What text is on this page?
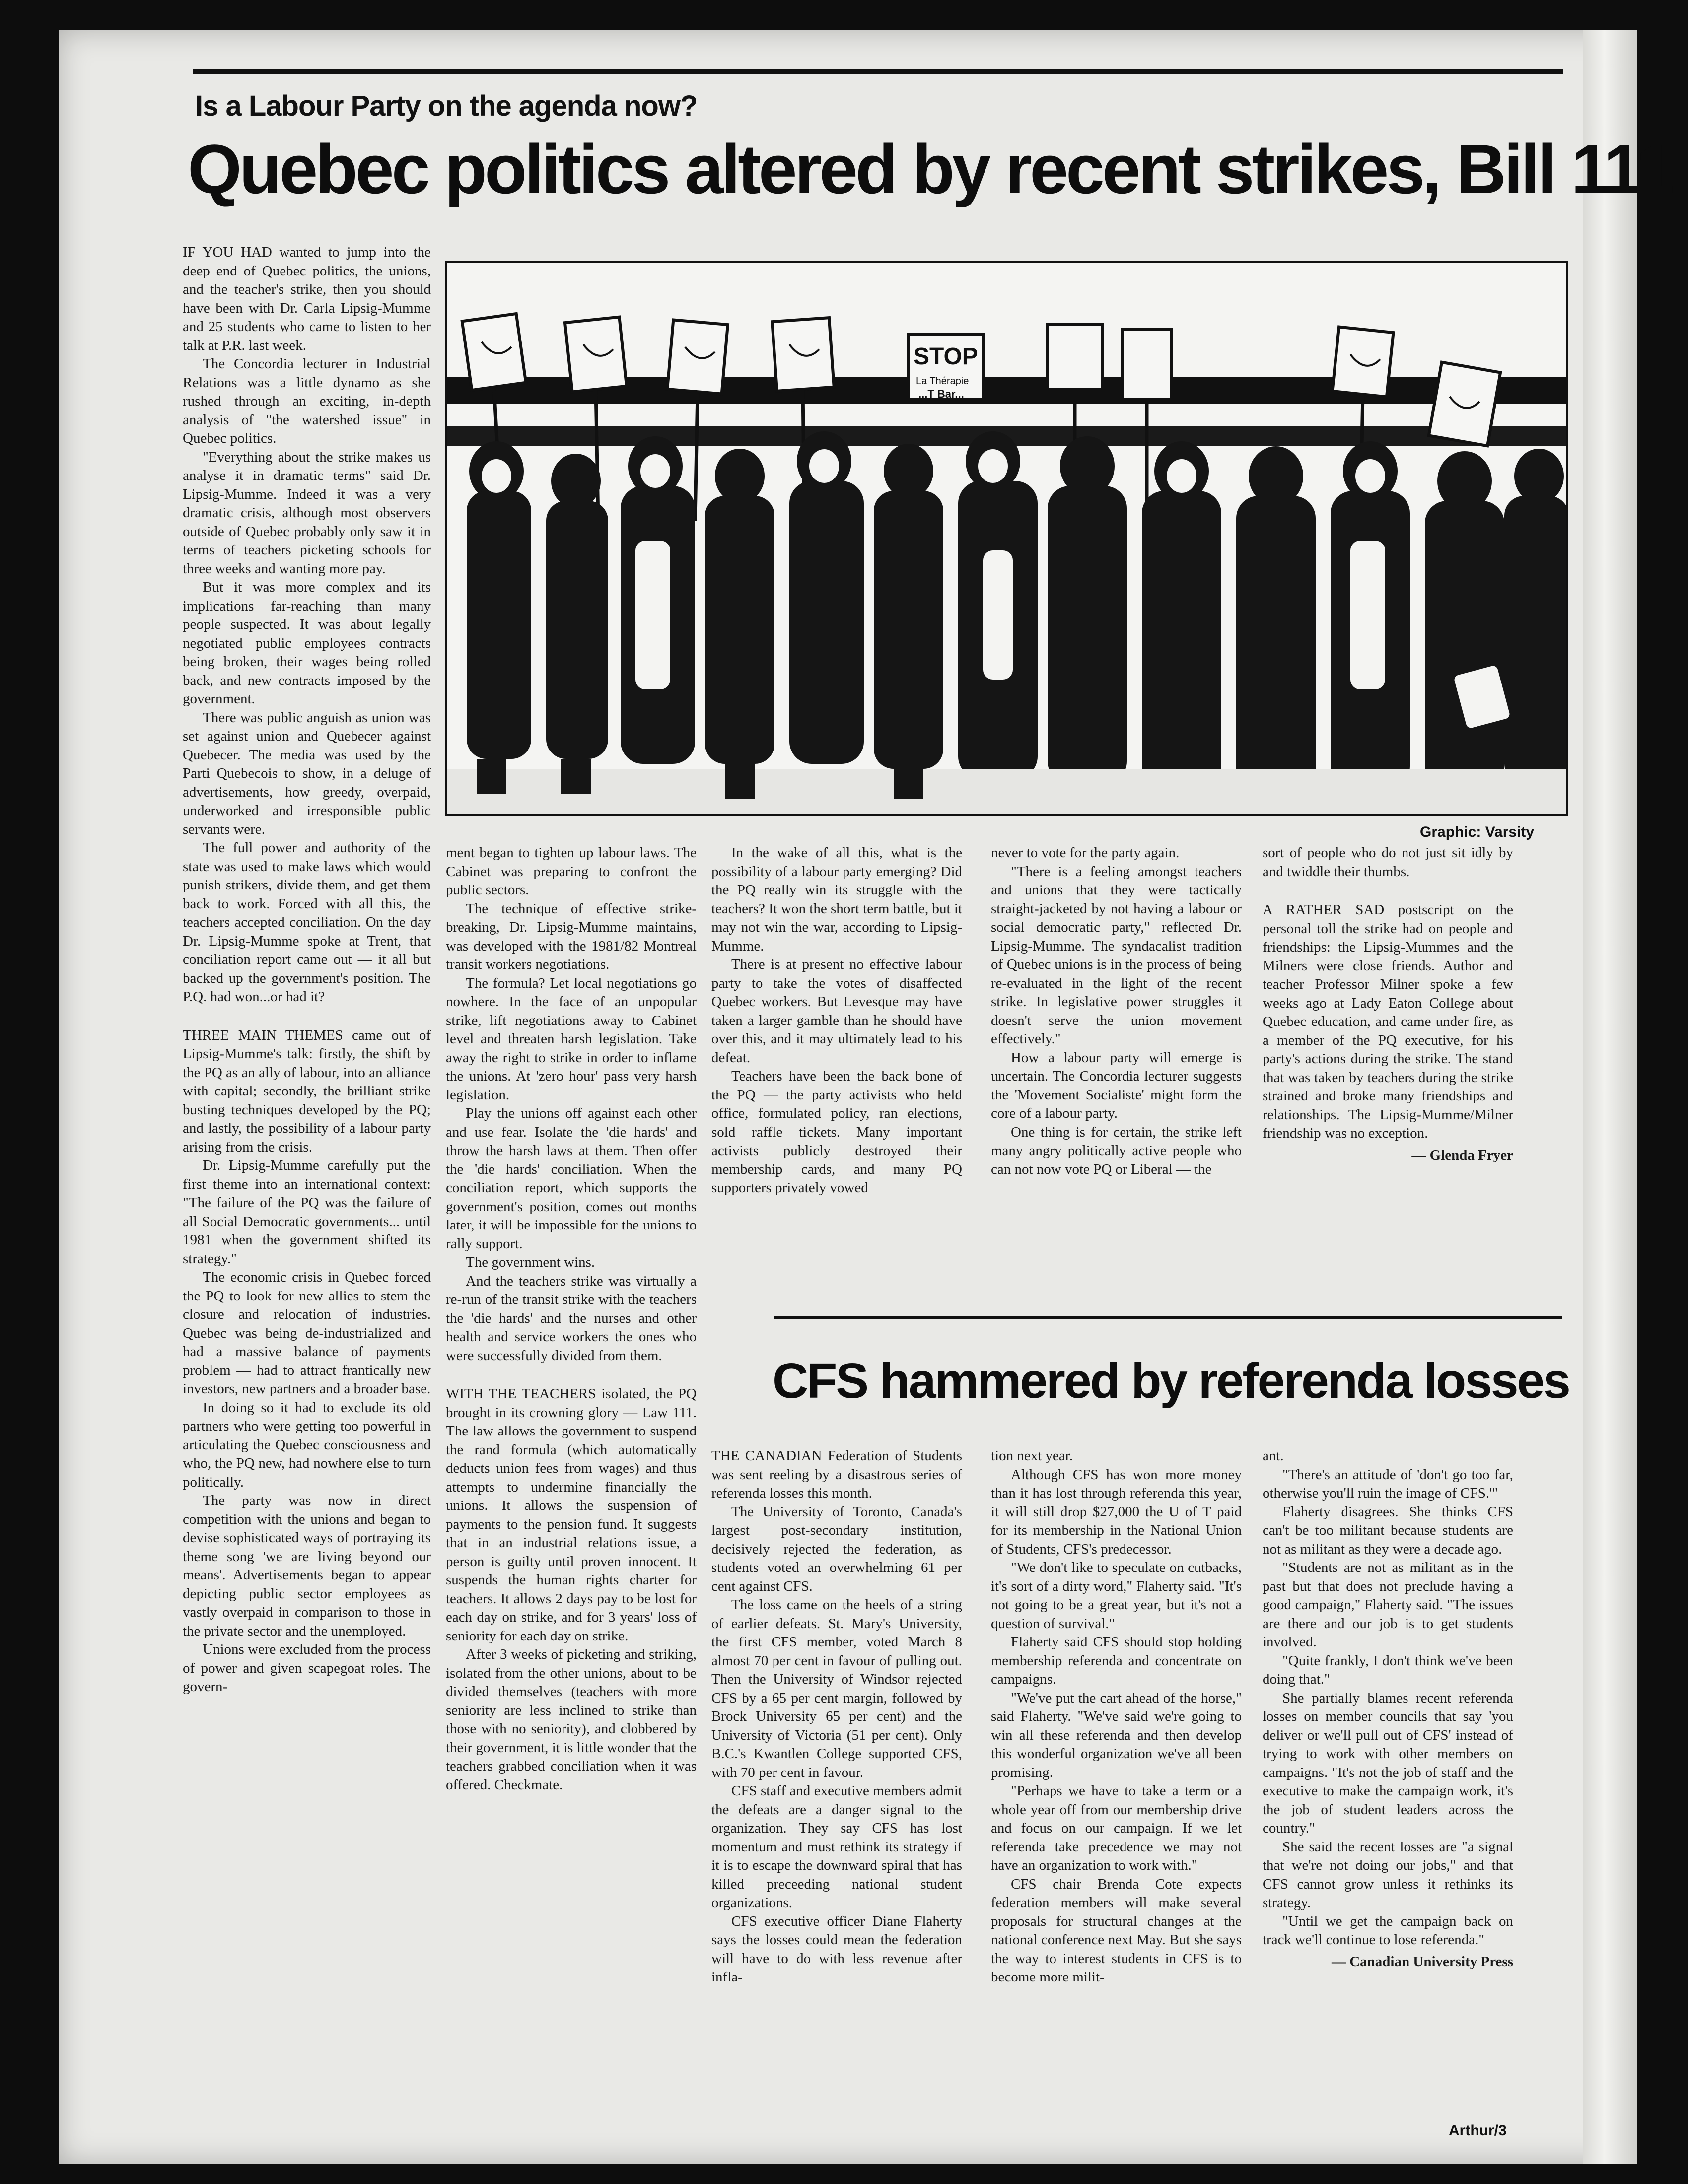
Is a Labour Party on the agenda now?
Quebec politics altered by recent strikes, Bill 111

IF YOU HAD wanted to jump into the deep end of Quebec politics, the unions, and the teacher's strike, then you should have been with Dr. Carla Lipsig-Mumme and 25 students who came to listen to her talk at P.R. last week.

The Concordia lecturer in Industrial Relations was a little dynamo as she rushed through an exciting, in-depth analysis of "the watershed issue" in Quebec politics.

"Everything about the strike makes us analyse it in dramatic terms" said Dr. Lipsig-Mumme. Indeed it was a very dramatic crisis, although most observers outside of Quebec probably only saw it in terms of teachers picketing schools for three weeks and wanting more pay.

But it was more complex and its implications far-reaching than many people suspected. It was about legally negotiated public employees contracts being broken, their wages being rolled back, and new contracts imposed by the government.

There was public anguish as union was set against union and Quebecer against Quebecer. The media was used by the Parti Quebecois to show, in a deluge of advertisements, how greedy, overpaid, underworked and irresponsible public servants were.

The full power and authority of the state was used to make laws which would punish strikers, divide them, and get them back to work. Forced with all this, the teachers accepted conciliation. On the day Dr. Lipsig-Mumme spoke at Trent, that conciliation report came out — it all but backed up the government's position. The P.Q. had won...or had it?

THREE MAIN THEMES came out of Lipsig-Mumme's talk: firstly, the shift by the PQ as an ally of labour, into an alliance with capital; secondly, the brilliant strike busting techniques developed by the PQ; and lastly, the possibility of a labour party arising from the crisis.

Dr. Lipsig-Mumme carefully put the first theme into an international context: "The failure of the PQ was the failure of all Social Democratic governments... until 1981 when the government shifted its strategy."

The economic crisis in Quebec forced the PQ to look for new allies to stem the closure and relocation of industries. Quebec was being de-industrialized and had a massive balance of payments problem — had to attract frantically new investors, new partners and a broader base.

In doing so it had to exclude its old partners who were getting too powerful in articulating the Quebec consciousness and who, the PQ new, had nowhere else to turn politically.

The party was now in direct competition with the unions and began to devise sophisticated ways of portraying its theme song 'we are living beyond our means'. Advertisements began to appear depicting public sector employees as vastly overpaid in comparison to those in the private sector and the unemployed.

Unions were excluded from the process of power and given scapegoat roles. The govern-

ment began to tighten up labour laws. The Cabinet was preparing to confront the public sectors.

The technique of effective strike-breaking, Dr. Lipsig-Mumme maintains, was developed with the 1981/82 Montreal transit workers negotiations.

The formula? Let local negotiations go nowhere. In the face of an unpopular strike, lift negotiations away to Cabinet level and threaten harsh legislation. Take away the right to strike in order to inflame the unions. At 'zero hour' pass very harsh legislation.

Play the unions off against each other and use fear. Isolate the 'die hards' and throw the harsh laws at them. Then offer the 'die hards' conciliation. When the conciliation report, which supports the government's position, comes out months later, it will be impossible for the unions to rally support.

The government wins.

And the teachers strike was virtually a re-run of the transit strike with the teachers the 'die hards' and the nurses and other health and service workers the ones who were successfully divided from them.

WITH THE TEACHERS isolated, the PQ brought in its crowning glory — Law 111. The law allows the government to suspend the rand formula (which automatically deducts union fees from wages) and thus attempts to undermine financially the unions. It allows the suspension of payments to the pension fund. It suggests that in an industrial relations issue, a person is guilty until proven innocent. It suspends the human rights charter for teachers. It allows 2 days pay to be lost for each day on strike, and for 3 years' loss of seniority for each day on strike.

After 3 weeks of picketing and striking, isolated from the other unions, about to be divided themselves (teachers with more seniority are less inclined to strike than those with no seniority), and clobbered by their government, it is little wonder that the teachers grabbed conciliation when it was offered. Checkmate.

In the wake of all this, what is the possibility of a labour party emerging? Did the PQ really win its struggle with the teachers? It won the short term battle, but it may not win the war, according to Lipsig-Mumme.

There is at present no effective labour party to take the votes of disaffected Quebec workers. But Levesque may have taken a larger gamble than he should have over this, and it may ultimately lead to his defeat.

Teachers have been the back bone of the PQ — the party activists who held office, formulated policy, ran elections, sold raffle tickets. Many important activists publicly destroyed their membership cards, and many PQ supporters privately vowed

never to vote for the party again.

"There is a feeling amongst teachers and unions that they were tactically straight-jacketed by not having a labour or social democratic party," reflected Dr. Lipsig-Mumme. The syndacalist tradition of Quebec unions is in the process of being re-evaluated in the light of the recent strike. In legislative power struggles it doesn't serve the union movement effectively."

How a labour party will emerge is uncertain. The Concordia lecturer suggests the 'Movement Socialiste' might form the core of a labour party.

One thing is for certain, the strike left many angry politically active people who can not now vote PQ or Liberal — the

sort of people who do not just sit idly by and twiddle their thumbs.

A RATHER SAD postscript on the personal toll the strike had on people and friendships: the Lipsig-Mummes and the Milners were close friends. Author and teacher Professor Milner spoke a few weeks ago at Lady Eaton College about Quebec education, and came under fire, as a member of the PQ executive, for his party's actions during the strike. The stand that was taken by teachers during the strike strained and broke many friendships and relationships. The Lipsig-Mumme/Milner friendship was no exception.

— Glenda Fryer

STOP
La Thérapie
...T Bar...
Graphic: Varsity
CFS hammered by referenda losses

THE CANADIAN Federation of Students was sent reeling by a disastrous series of referenda losses this month.

The University of Toronto, Canada's largest post-secondary institution, decisively rejected the federation, as students voted an overwhelming 61 per cent against CFS.

The loss came on the heels of a string of earlier defeats. St. Mary's University, the first CFS member, voted March 8 almost 70 per cent in favour of pulling out. Then the University of Windsor rejected CFS by a 65 per cent margin, followed by Brock University 65 per cent) and the University of Victoria (51 per cent). Only B.C.'s Kwantlen College supported CFS, with 70 per cent in favour.

CFS staff and executive members admit the defeats are a danger signal to the organization. They say CFS has lost momentum and must rethink its strategy if it is to escape the downward spiral that has killed preceeding national student organizations.

CFS executive officer Diane Flaherty says the losses could mean the federation will have to do with less revenue after infla-

tion next year.

Although CFS has won more money than it has lost through referenda this year, it will still drop $27,000 the U of T paid for its membership in the National Union of Students, CFS's predecessor.

"We don't like to speculate on cutbacks, it's sort of a dirty word," Flaherty said. "It's not going to be a great year, but it's not a question of survival."

Flaherty said CFS should stop holding membership referenda and concentrate on campaigns.

"We've put the cart ahead of the horse," said Flaherty. "We've said we're going to win all these referenda and then develop this wonderful organization we've all been promising.

"Perhaps we have to take a term or a whole year off from our membership drive and focus on our campaign. If we let referenda take precedence we may not have an organization to work with."

CFS chair Brenda Cote expects federation members will make several proposals for structural changes at the national conference next May. But she says the way to interest students in CFS is to become more milit-

ant.

"There's an attitude of 'don't go too far, otherwise you'll ruin the image of CFS.'"

Flaherty disagrees. She thinks CFS can't be too militant because students are not as militant as they were a decade ago.

"Students are not as militant as in the past but that does not preclude having a good campaign," Flaherty said. "The issues are there and our job is to get students involved.

"Quite frankly, I don't think we've been doing that."

She partially blames recent referenda losses on member councils that say 'you deliver or we'll pull out of CFS' instead of trying to work with other members on campaigns. "It's not the job of staff and the executive to make the campaign work, it's the job of student leaders across the country."

She said the recent losses are "a signal that we're not doing our jobs," and that CFS cannot grow unless it rethinks its strategy.

"Until we get the campaign back on track we'll continue to lose referenda."

— Canadian University Press

Arthur/3
